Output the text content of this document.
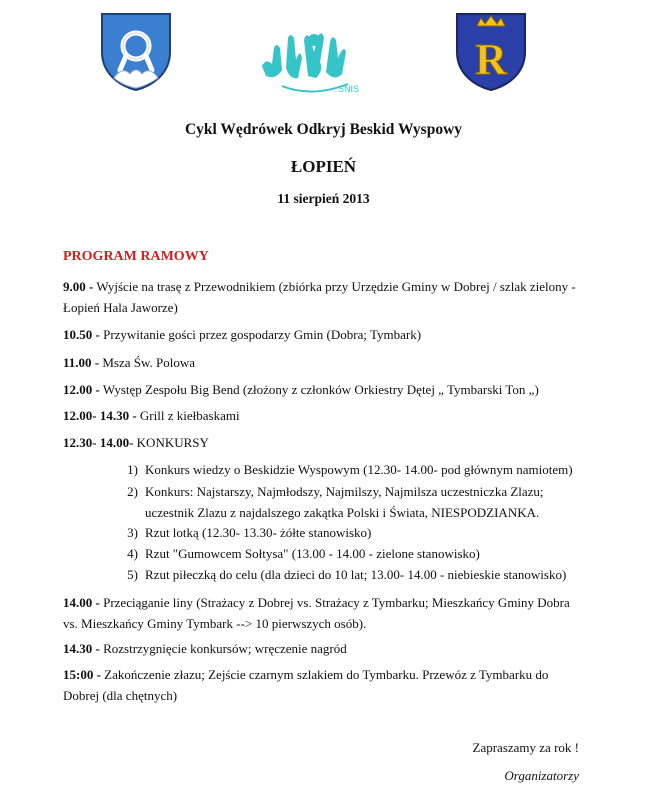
SNIS
R
Cykl Wędrówek Odkryj Beskid Wyspowy
ŁOPIEŃ
11 sierpień 2013
PROGRAM RAMOWY
9.00 - Wyjście na trasę z Przewodnikiem (zbiórka przy Urzędzie Gminy w Dobrej / szlak zielony - Łopień Hala Jaworze)
10.50 - Przywitanie gości przez gospodarzy Gmin (Dobra; Tymbark)
11.00 - Msza Św. Polowa
12.00 - Występ Zespołu Big Bend (złożony z członków Orkiestry Dętej „ Tymbarski Ton „)
12.00- 14.30 - Grill z kiełbaskami
12.30- 14.00- KONKURSY
1) Konkurs wiedzy o Beskidzie Wyspowym (12.30- 14.00- pod głównym namiotem)
2) Konkurs: Najstarszy, Najmłodszy, Najmilszy, Najmilsza uczestniczka Zlazu; uczestnik Zlazu z najdalszego zakątka Polski i Świata, NIESPODZIANKA.
3) Rzut lotką (12.30- 13.30- żółte stanowisko)
4) Rzut "Gumowcem Sołtysa" (13.00 - 14.00 - zielone stanowisko)
5) Rzut piłeczką do celu (dla dzieci do 10 lat; 13.00- 14.00 - niebieskie stanowisko)
14.00 - Przeciąganie liny (Strażacy z Dobrej vs. Strażacy z Tymbarku; Mieszkańcy Gminy Dobra vs. Mieszkańcy Gminy Tymbark --> 10 pierwszych osób).
14.30 - Rozstrzygnięcie konkursów; wręczenie nagród
15:00 - Zakończenie złazu; Zejście czarnym szlakiem do Tymbarku. Przewóz z Tymbarku do Dobrej (dla chętnych)
Zapraszamy za rok !
Organizatorzy
